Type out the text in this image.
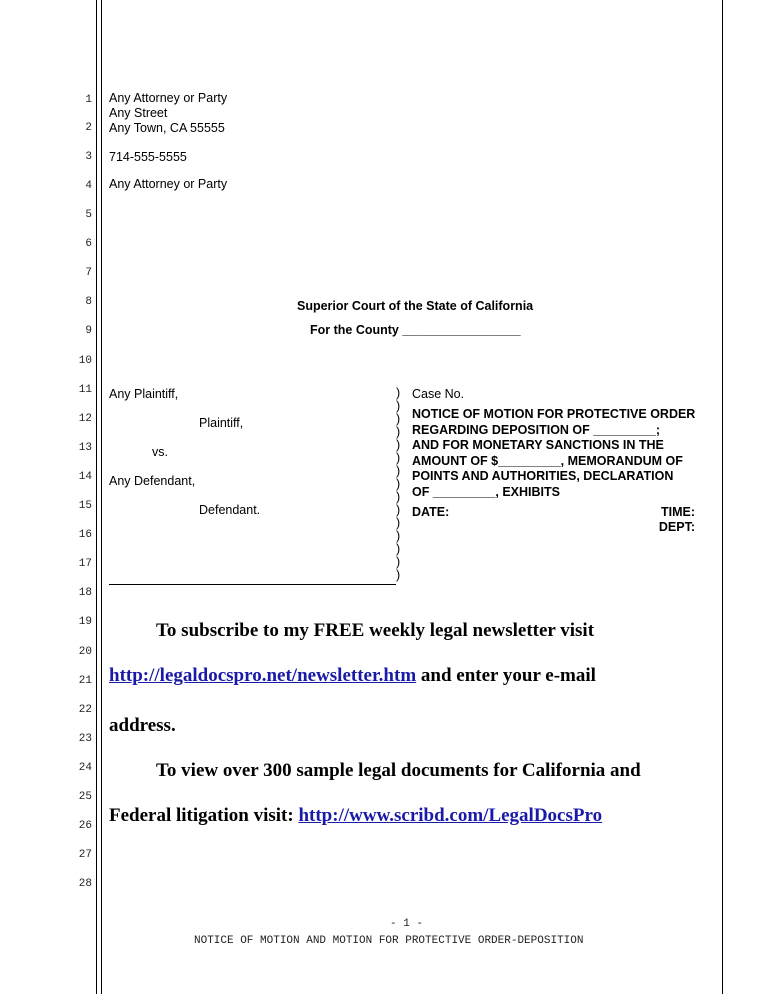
1
2
3
4
5
6
7
8
9
10
11
12
13
14
15
16
17
18
19
20
21
22
23
24
25
26
27
28
Any Attorney or Party
Any Street
Any Town, CA 55555
714-555-5555
Any Attorney or Party
Superior Court of the State of California
For the County _________________
Any Plaintiff,
Plaintiff,
vs.
Any Defendant,
Defendant.
)
)
)
)
)
)
)
)
)
)
)
)
)
)
)
Case No.
NOTICE OF MOTION FOR PROTECTIVE ORDER
REGARDING DEPOSITION OF _________;
AND FOR MONETARY SANCTIONS IN THE
AMOUNT OF $_________, MEMORANDUM OF
POINTS AND AUTHORITIES, DECLARATION
OF _________, EXHIBITS
DATE:	TIME:
DEPT:
To subscribe to my FREE weekly legal newsletter visit
http://legaldocspro.net/newsletter.htm and enter your e-mail
address.
To view over 300 sample legal documents for California and
Federal litigation visit: http://www.scribd.com/LegalDocsPro
- 1 -
NOTICE OF MOTION AND MOTION FOR PROTECTIVE ORDER-DEPOSITION
